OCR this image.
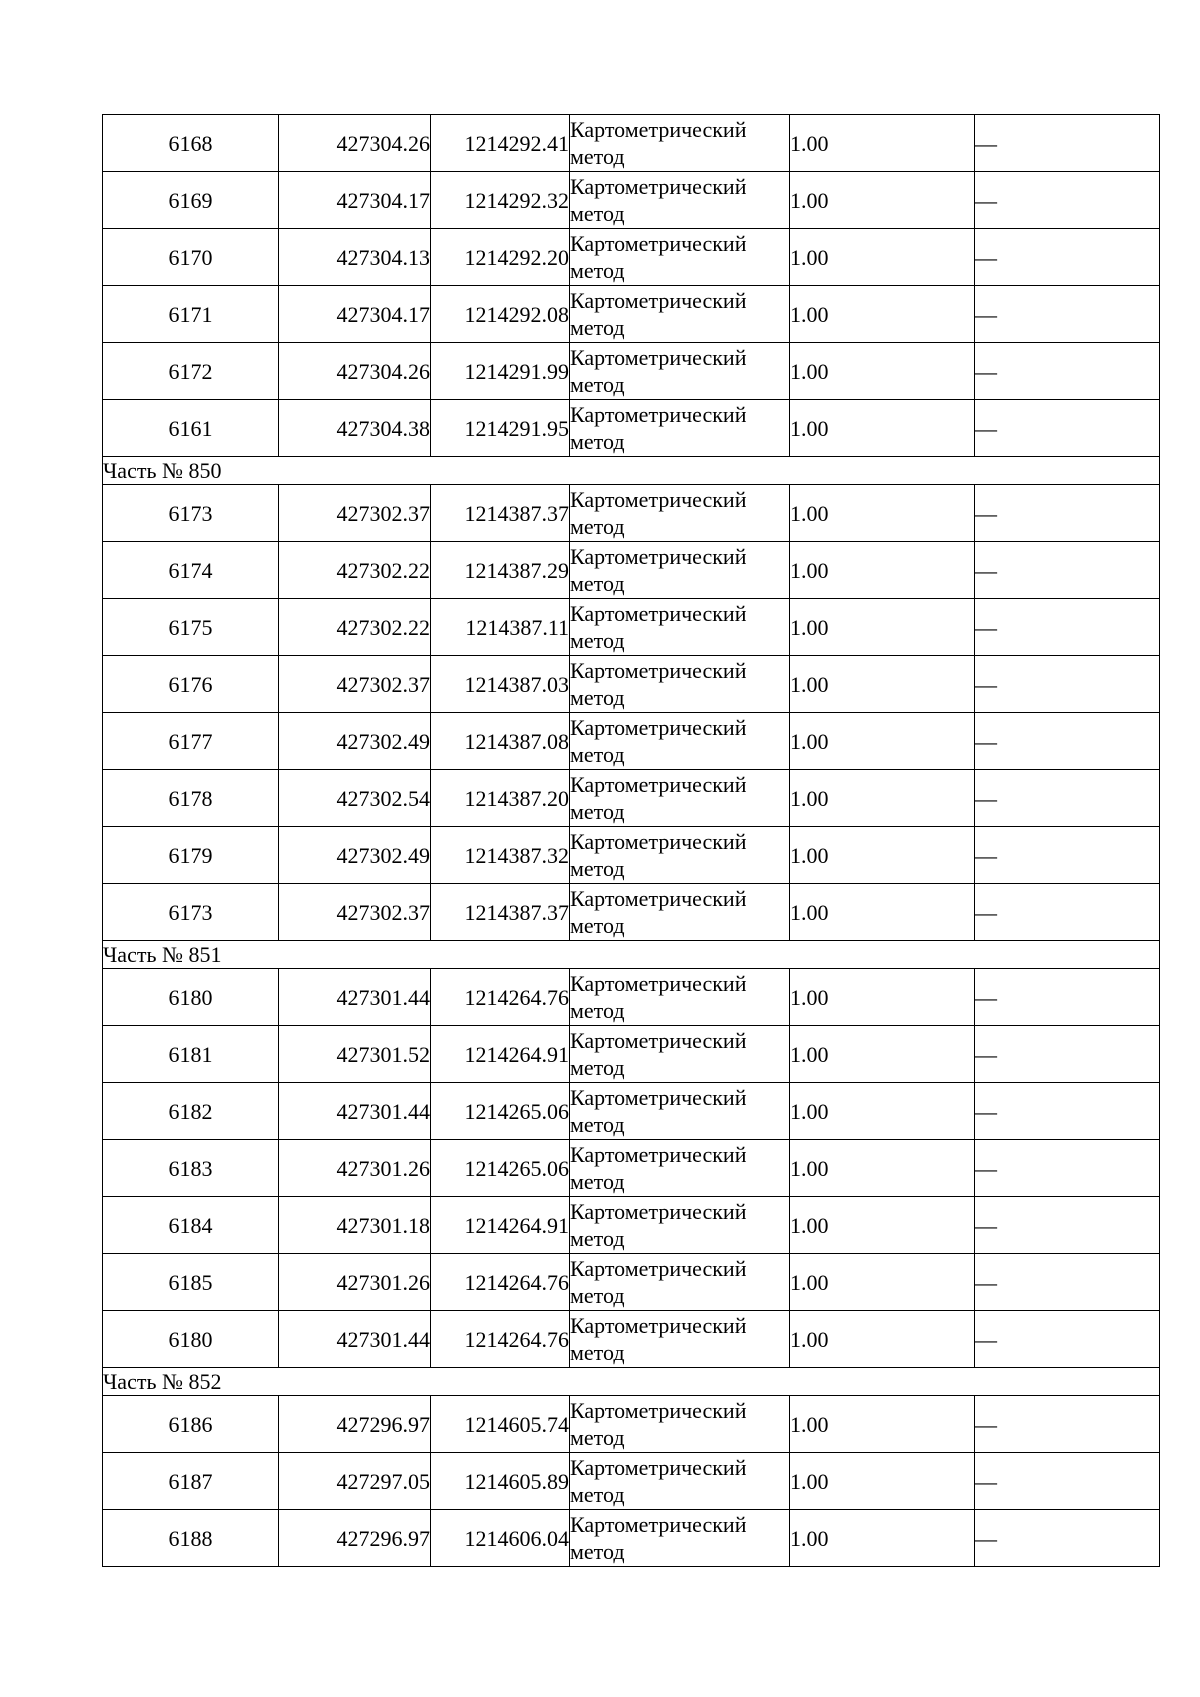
6168	427304.26	1214292.41	Картометрический
метод	1.00	—
6169	427304.17	1214292.32	Картометрический
метод	1.00	—
6170	427304.13	1214292.20	Картометрический
метод	1.00	—
6171	427304.17	1214292.08	Картометрический
метод	1.00	—
6172	427304.26	1214291.99	Картометрический
метод	1.00	—
6161	427304.38	1214291.95	Картометрический
метод	1.00	—
Часть № 850					
6173	427302.37	1214387.37	Картометрический
метод	1.00	—
6174	427302.22	1214387.29	Картометрический
метод	1.00	—
6175	427302.22	1214387.11	Картометрический
метод	1.00	—
6176	427302.37	1214387.03	Картометрический
метод	1.00	—
6177	427302.49	1214387.08	Картометрический
метод	1.00	—
6178	427302.54	1214387.20	Картометрический
метод	1.00	—
6179	427302.49	1214387.32	Картометрический
метод	1.00	—
6173	427302.37	1214387.37	Картометрический
метод	1.00	—
Часть № 851					
6180	427301.44	1214264.76	Картометрический
метод	1.00	—
6181	427301.52	1214264.91	Картометрический
метод	1.00	—
6182	427301.44	1214265.06	Картометрический
метод	1.00	—
6183	427301.26	1214265.06	Картометрический
метод	1.00	—
6184	427301.18	1214264.91	Картометрический
метод	1.00	—
6185	427301.26	1214264.76	Картометрический
метод	1.00	—
6180	427301.44	1214264.76	Картометрический
метод	1.00	—
Часть № 852					
6186	427296.97	1214605.74	Картометрический
метод	1.00	—
6187	427297.05	1214605.89	Картометрический
метод	1.00	—
6188	427296.97	1214606.04	Картометрический
метод	1.00	—
